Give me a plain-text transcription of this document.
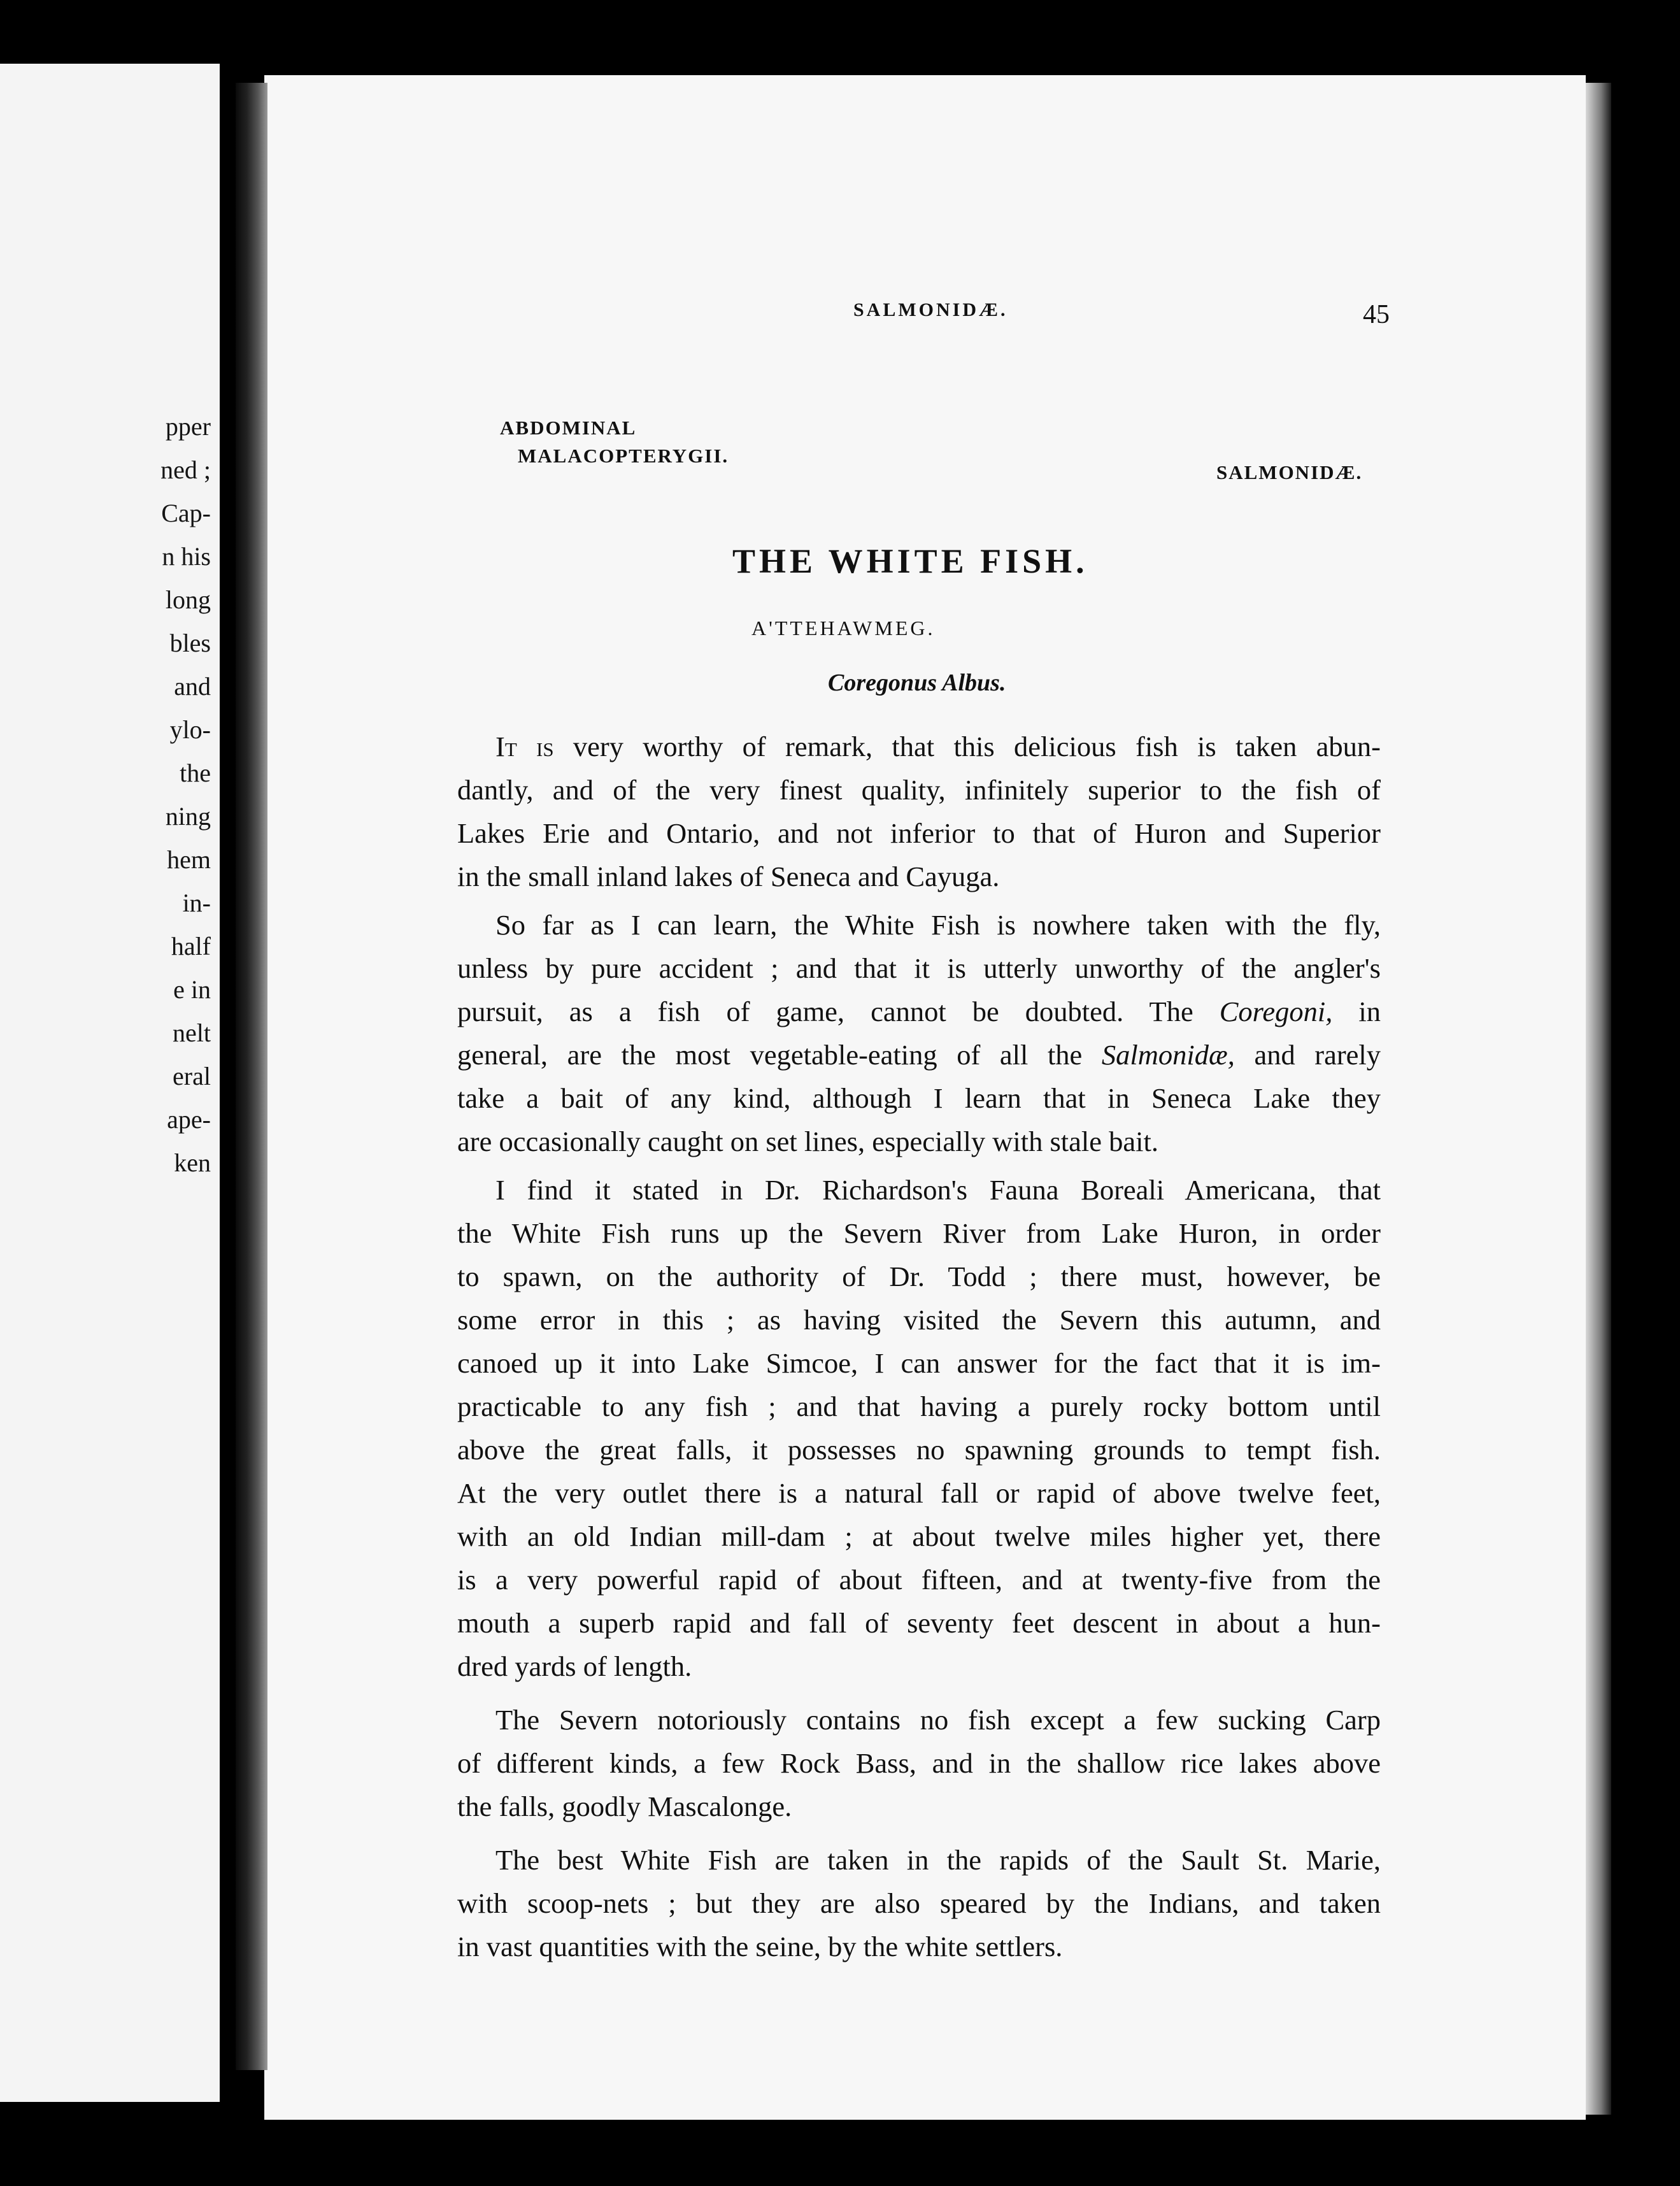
pper
ned ;
Cap-
n his
long
bles
and
ylo-
the
ning
hem
in-
half
e in
nelt
eral
ape-
ken
SALMONIDÆ.	45
ABDOMINAL
MALACOPTERYGII.
SALMONIDÆ.
THE WHITE FISH.
A'TTEHAWMEG.
Coregonus Albus.
It is very worthy of remark, that this delicious fish is taken abun-
dantly, and of the very finest quality, infinitely superior to the fish of
Lakes Erie and Ontario, and not inferior to that of Huron and Superior
in the small inland lakes of Seneca and Cayuga.
So far as I can learn, the White Fish is nowhere taken with the fly,
unless by pure accident ; and that it is utterly unworthy of the angler's
pursuit, as a fish of game, cannot be doubted. The Coregoni, in
general, are the most vegetable-eating of all the Salmonidæ, and rarely
take a bait of any kind, although I learn that in Seneca Lake they
are occasionally caught on set lines, especially with stale bait.
I find it stated in Dr. Richardson's Fauna Boreali Americana, that
the White Fish runs up the Severn River from Lake Huron, in order
to spawn, on the authority of Dr. Todd ; there must, however, be
some error in this ; as having visited the Severn this autumn, and
canoed up it into Lake Simcoe, I can answer for the fact that it is im-
practicable to any fish ; and that having a purely rocky bottom until
above the great falls, it possesses no spawning grounds to tempt fish.
At the very outlet there is a natural fall or rapid of above twelve feet,
with an old Indian mill-dam ; at about twelve miles higher yet, there
is a very powerful rapid of about fifteen, and at twenty-five from the
mouth a superb rapid and fall of seventy feet descent in about a hun-
dred yards of length.
The Severn notoriously contains no fish except a few sucking Carp
of different kinds, a few Rock Bass, and in the shallow rice lakes above
the falls, goodly Mascalonge.
The best White Fish are taken in the rapids of the Sault St. Marie,
with scoop-nets ; but they are also speared by the Indians, and taken
in vast quantities with the seine, by the white settlers.
